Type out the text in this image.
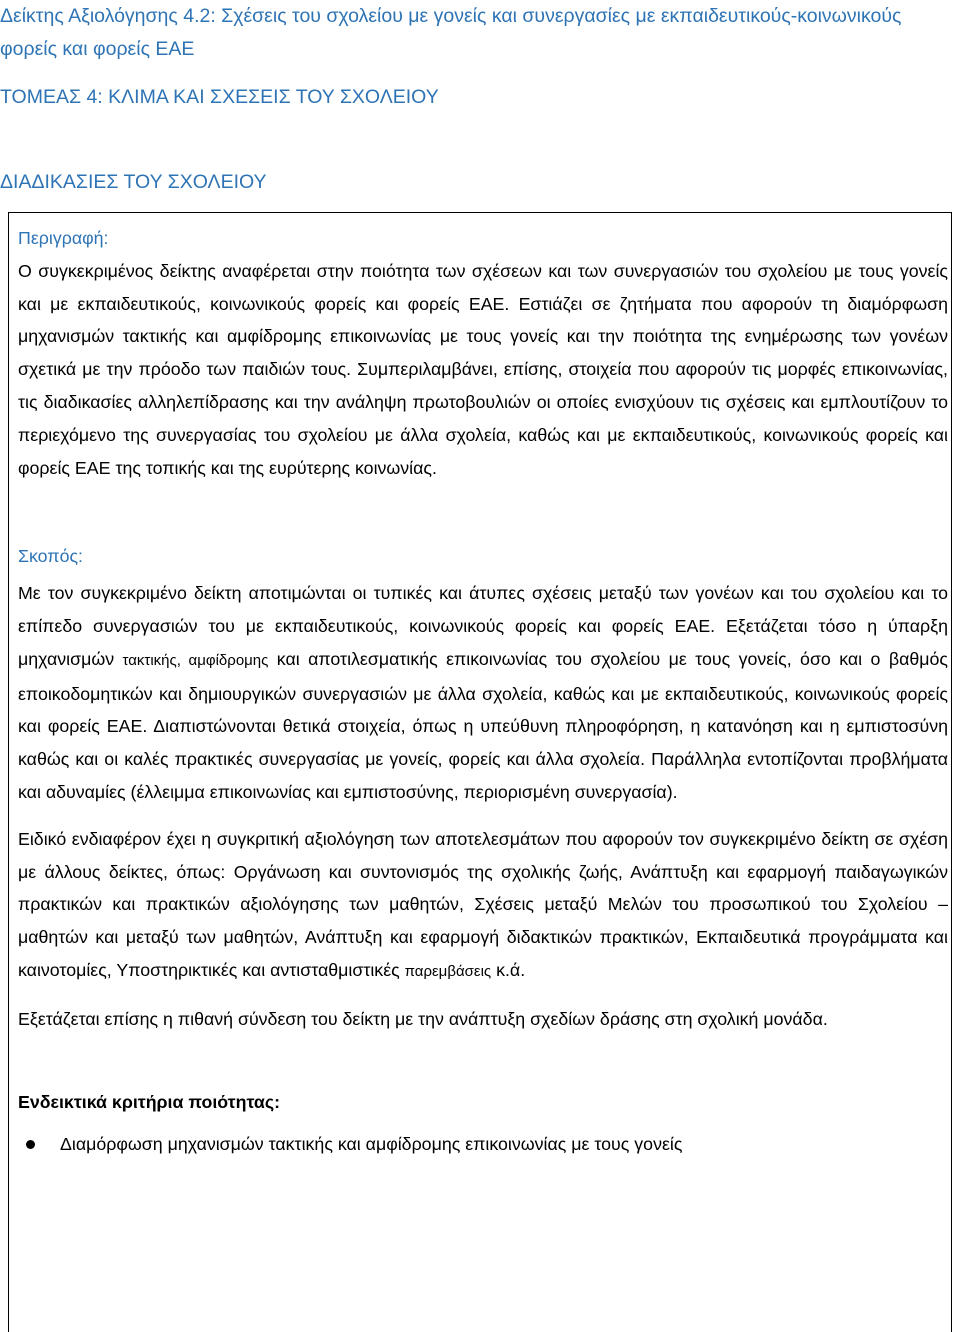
Δείκτης Αξιολόγησης 4.2: Σχέσεις του σχολείου με γονείς και συνεργασίες με εκπαιδευτικούς-κοινωνικούς φορείς και φορείς ΕΑΕ
ΤΟΜΕΑΣ 4: ΚΛΙΜΑ ΚΑΙ ΣΧΕΣΕΙΣ ΤΟΥ ΣΧΟΛΕΙΟΥ
ΔΙΑΔΙΚΑΣΙΕΣ ΤΟΥ ΣΧΟΛΕΙΟΥ

Περιγραφή:

Ο συγκεκριμένος δείκτης αναφέρεται στην ποιότητα των σχέσεων και των συνεργασιών του σχολείου με τους γονείς και με εκπαιδευτικούς, κοινωνικούς φορείς και φορείς ΕΑΕ. Εστιάζει σε ζητήματα που αφορούν τη διαμόρφωση μηχανισμών τακτικής και αμφίδρομης επικοινωνίας με τους γονείς και την ποιότητα της ενημέρωσης των γονέων σχετικά με την πρόοδο των παιδιών τους. Συμπεριλαμβάνει, επίσης, στοιχεία που αφορούν τις μορφές επικοινωνίας, τις διαδικασίες αλληλεπίδρασης και την ανάληψη πρωτοβουλιών οι οποίες ενισχύουν τις σχέσεις και εμπλουτίζουν το περιεχόμενο της συνεργασίας του σχολείου με άλλα σχολεία, καθώς και με εκπαιδευτικούς, κοινωνικούς φορείς και φορείς ΕΑΕ της τοπικής και της ευρύτερης κοινωνίας.

Σκοπός:

Με τον συγκεκριμένο δείκτη αποτιμώνται οι τυπικές και άτυπες σχέσεις μεταξύ των γονέων και του σχολείου και το επίπεδο συνεργασιών του με εκπαιδευτικούς, κοινωνικούς φορείς και φορείς ΕΑΕ. Εξετάζεται τόσο η ύπαρξη μηχανισμών τακτικής, αμφίδρομης και αποτιλεσματικής επικοινωνίας του σχολείου με τους γονείς, όσο και ο βαθμός εποικοδομητικών και δημιουργικών συνεργασιών με άλλα σχολεία, καθώς και με εκπαιδευτικούς, κοινωνικούς φορείς και φορείς ΕΑΕ. Διαπιστώνονται θετικά στοιχεία, όπως η υπεύθυνη πληροφόρηση, η κατανόηση και η εμπιστοσύνη καθώς και οι καλές πρακτικές συνεργασίας με γονείς, φορείς και άλλα σχολεία. Παράλληλα εντοπίζονται προβλήματα και αδυναμίες (έλλειμμα επικοινωνίας και εμπιστοσύνης, περιορισμένη συνεργασία).

Ειδικό ενδιαφέρον έχει η συγκριτική αξιολόγηση των αποτελεσμάτων που αφορούν τον συγκεκριμένο δείκτη σε σχέση με άλλους δείκτες, όπως: Οργάνωση και συντονισμός της σχολικής ζωής, Ανάπτυξη και εφαρμογή παιδαγωγικών πρακτικών και πρακτικών αξιολόγησης των μαθητών, Σχέσεις μεταξύ Μελών του προσωπικού του Σχολείου – μαθητών και μεταξύ των μαθητών, Ανάπτυξη και εφαρμογή διδακτικών πρακτικών, Εκπαιδευτικά προγράμματα και καινοτομίες, Υποστηρικτικές και αντισταθμιστικές παρεμβάσεις κ.ά.

Εξετάζεται επίσης η πιθανή σύνδεση του δείκτη με την ανάπτυξη σχεδίων δράσης στη σχολική μονάδα.

Ενδεικτικά κριτήρια ποιότητας:

Διαμόρφωση μηχανισμών τακτικής και αμφίδρομης επικοινωνίας με τους γονείς
